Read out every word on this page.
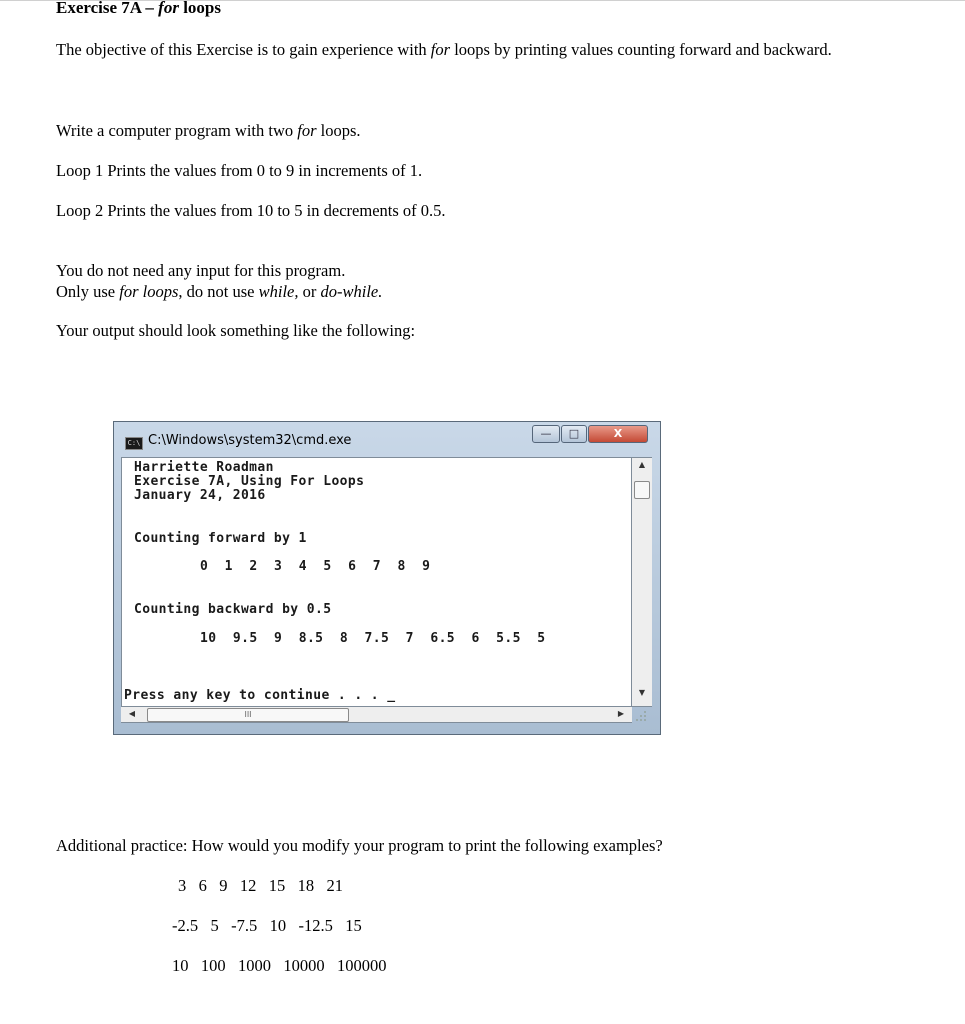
Exercise 7A – for loops
The objective of this Exercise is to gain experience with for loops by printing values counting forward and backward.
Write a computer program with two for loops.
Loop 1 Prints the values from 0 to 9 in increments of 1.
Loop 2 Prints the values from 10 to 5 in decrements of 0.5.
You do not need any input for this program.
Only use for loops, do not use while, or do-while.
Your output should look something like the following:
C:\ C:\Windows\system32\cmd.exe	—	□	X
Harriette Roadman
Exercise 7A, Using For Loops
January 24, 2016
Counting forward by 1
0  1  2  3  4  5  6  7  8  9
Counting backward by 0.5
10  9.5  9  8.5  8  7.5  7  6.5  6  5.5  5
Press any key to continue . . . _
▲
▼
◀	III	▶
Additional practice: How would you modify your program to print the following examples?
3   6   9   12   15   18   21
-2.5   5   -7.5   10   -12.5   15
10   100   1000   10000   100000
